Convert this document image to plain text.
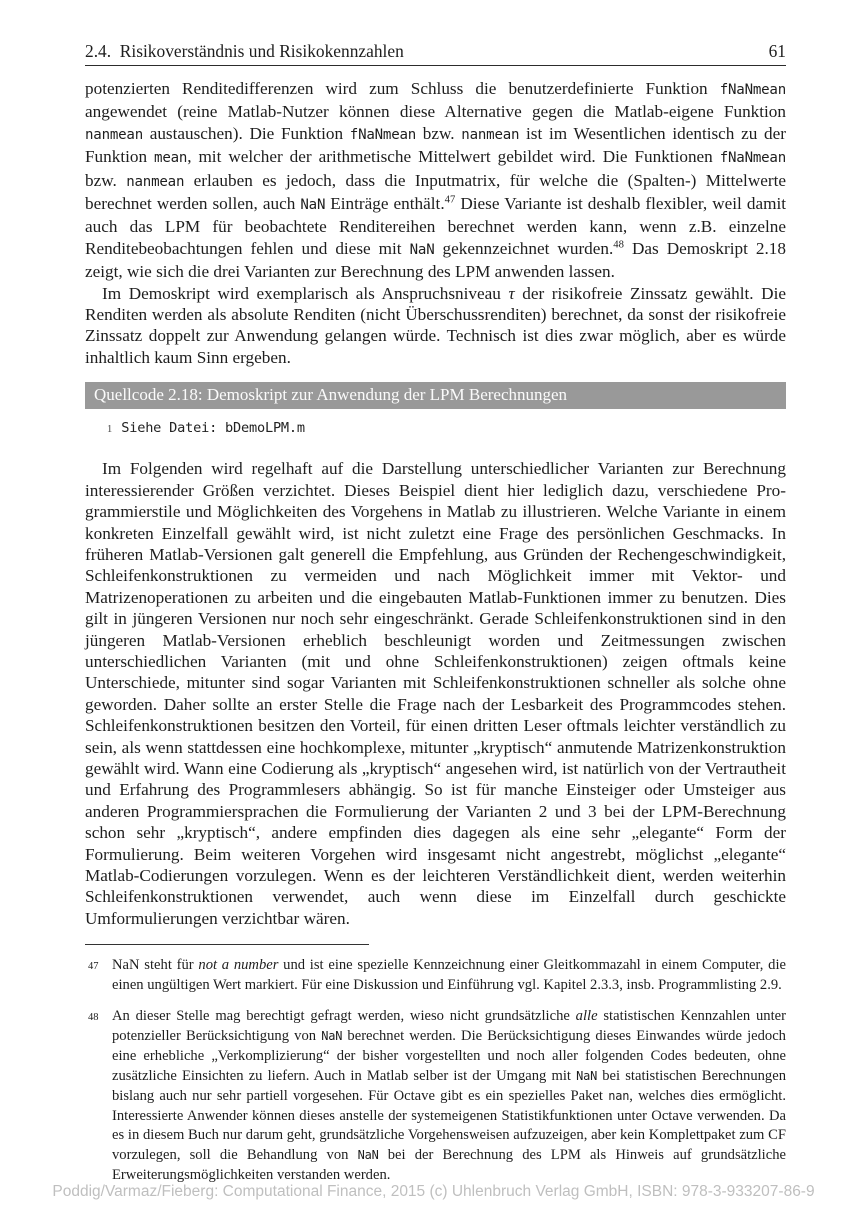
2.4. Risikoverständnis und Risikokennzahlen	61

potenzierten Renditedifferenzen wird zum Schluss die benutzerdefinierte Funktion fNaNmean angewendet (reine Matlab-Nutzer können diese Alternative gegen die Matlab-eigene Funktion nanmean austauschen). Die Funktion fNaNmean bzw. nanmean ist im Wesentlichen identisch zu der Funktion mean, mit welcher der arithmetische Mittelwert gebildet wird. Die Funktionen fNaNmean bzw. nanmean erlauben es jedoch, dass die Inputmatrix, für welche die (Spalten-) Mittelwerte berechnet werden sollen, auch NaN Einträge enthält.$^{47}$ Diese Variante ist deshalb flexibler, weil damit auch das LPM für beobachtete Renditereihen berechnet werden kann, wenn z.B. einzelne Renditebeobachtungen fehlen und diese mit NaN gekennzeichnet wurden.$^{48}$ Das Demoskript 2.18 zeigt, wie sich die drei Varianten zur Berechnung des LPM anwenden lassen.

Im Demoskript wird exemplarisch als Anspruchsniveau τ der risikofreie Zinssatz gewählt. Die Renditen werden als absolute Renditen (nicht Überschussrenditen) berechnet, da sonst der risikofreie Zinssatz doppelt zur Anwendung gelangen würde. Technisch ist dies zwar möglich, aber es würde inhaltlich kaum Sinn ergeben.

Quellcode 2.18: Demoskript zur Anwendung der LPM Berechnungen
1 Siehe Datei: bDemoLPM.m

Im Folgenden wird regelhaft auf die Darstellung unterschiedlicher Varianten zur Berechnung interessierender Größen verzichtet. Dieses Beispiel dient hier lediglich dazu, verschiedene Programmierstile und Möglichkeiten des Vorgehens in Matlab zu illustrieren. Welche Variante in einem konkreten Einzelfall gewählt wird, ist nicht zuletzt eine Frage des persönlichen Geschmacks. In früheren Matlab-Versionen galt generell die Empfehlung, aus Gründen der Rechengeschwindigkeit, Schleifenkonstruktionen zu vermeiden und nach Möglichkeit immer mit Vektor- und Matrizenoperationen zu arbeiten und die eingebauten Matlab-Funktionen immer zu benutzen. Dies gilt in jüngeren Versionen nur noch sehr eingeschränkt. Gerade Schleifenkonstruktionen sind in den jüngeren Matlab-Versionen erheblich beschleunigt worden und Zeitmessungen zwischen unterschiedlichen Varianten (mit und ohne Schleifenkonstruktionen) zeigen oftmals keine Unterschiede, mitunter sind sogar Varianten mit Schleifenkonstruktionen schneller als solche ohne geworden. Daher sollte an erster Stelle die Frage nach der Lesbarkeit des Programmcodes stehen. Schleifenkonstruktionen besitzen den Vorteil, für einen dritten Leser oftmals leichter verständlich zu sein, als wenn stattdessen eine hochkomplexe, mitunter „kryptisch“ anmutende Matrizenkonstruktion gewählt wird. Wann eine Codierung als „kryptisch“ angesehen wird, ist natürlich von der Vertrautheit und Erfahrung des Programmlesers abhängig. So ist für manche Einsteiger oder Umsteiger aus anderen Programmiersprachen die Formulierung der Varianten 2 und 3 bei der LPM-Berechnung schon sehr „kryptisch“, andere empfinden dies dagegen als eine sehr „elegante“ Form der Formulierung. Beim weiteren Vorgehen wird insgesamt nicht angestrebt, möglichst „elegante“ Matlab-Codierungen vorzulegen. Wenn es der leichteren Verständlichkeit dient, werden weiterhin Schleifenkonstruktionen verwendet, auch wenn diese im Einzelfall durch geschickte Umformulierungen verzichtbar wären.

47 NaN steht für not a number und ist eine spezielle Kennzeichnung einer Gleitkommazahl in einem Computer, die einen ungültigen Wert markiert. Für eine Diskussion und Einführung vgl. Kapitel 2.3.3, insb. Programmlisting 2.9.
48 An dieser Stelle mag berechtigt gefragt werden, wieso nicht grundsätzliche alle statistischen Kennzahlen unter potenzieller Berücksichtigung von NaN berechnet werden. Die Berücksichtigung dieses Einwandes würde jedoch eine erhebliche „Verkomplizierung“ der bisher vorgestellten und noch aller folgenden Codes bedeuten, ohne zusätzliche Einsichten zu liefern. Auch in Matlab selber ist der Umgang mit NaN bei statistischen Berechnungen bislang auch nur sehr partiell vorgesehen. Für Octave gibt es ein spezielles Paket nan, welches dies ermöglicht. Interessierte Anwender können dieses anstelle der systemeigenen Statistikfunktionen unter Octave verwenden. Da es in diesem Buch nur darum geht, grundsätzliche Vorgehensweisen aufzuzeigen, aber kein Komplettpaket zum CF vorzulegen, soll die Behandlung von NaN bei der Berechnung des LPM als Hinweis auf grundsätzliche Erweiterungsmöglichkeiten verstanden werden.
Poddig/Varmaz/Fieberg: Computational Finance, 2015 (c) Uhlenbruch Verlag GmbH, ISBN: 978-3-933207-86-9
